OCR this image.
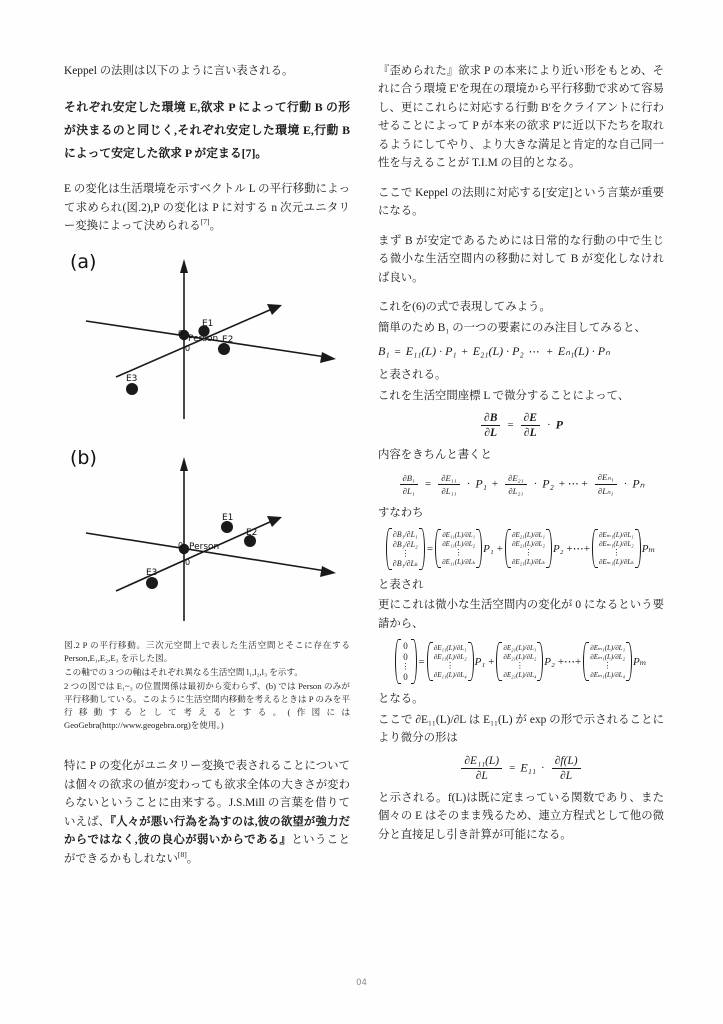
Keppel の法則は以下のように言い表される。

それぞれ安定した環境 E,欲求 P によって行動 B の形が決まるのと同じく,それぞれ安定した環境 E,行動 B によって安定した欲求 P が定まる[7]。

E の変化は生活環境を示すベクトル L の平行移動によって求められ(図.2),P の変化は P に対する n 次元ユニタリー変換によって決められる[7]。

(a)
0
Person
E1
E2
E3
0
(b)
0 Person
E1
E2
E3
0

図.2 P の平行移動。三次元空間上で表した生活空間とそこに存在する Person,E₁,E₂,E₃ を示した図。

この軸での 3 つの軸はそれぞれ異なる生活空間 l₁,l₂,l₃ を示す。

2 つの図では E₁~₃ の位置関係は最初から変わらず、(b) では Person のみが平行移動している。このように生活空間内移動を考えるときは P のみを平行移動するとして考えるとする。(作図には GeoGebra(http://www.geogebra.org)を使用。)

特に P の変化がユニタリー変換で表されることについては個々の欲求の値が変わっても欲求全体の大きさが変わらないということに由来する。J.S.Mill の言葉を借りていえば、『人々が悪い行為を為すのは,彼の欲望が強力だからではなく,彼の良心が弱いからである』ということができるかもしれない[8]。

『歪められた』欲求 P の本来により近い形をもとめ、それに合う環境 E'を現在の環境から平行移動で求めて容易し、更にこれらに対応する行動 B'をクライアントに行わせることによって P が本来の欲求 P'に近以下たちを取れるようにしてやり、より大きな満足と肯定的な自己同一性を与えることが T.I.M の目的となる。

ここで Keppel の法則に対応する[安定]という言葉が重要になる。

まず B が安定であるためには日常的な行動の中で生じる微小な生活空間内の移動に対して B が変化しなければ良い。

これを(6)の式で表現してみよう。

簡単のため B₁ の一つの要素にのみ注目してみると、

B₁ = E₁₁(L) · P₁ + E₂₁(L) · P₂ ⋯ + Eₙ₁(L) · Pₙ

と表される。

これを生活空間座標 L で微分することによって、

$\frac{\partial B}{\partial L} = \frac{\partial E}{\partial L} \cdot P$

内容をきちんと書くと

$\frac{\text{∂B₁}}{\text{∂L₁}} = \frac{\text{∂E₁₁}}{\text{∂L₁₁}} \cdot P_1 + \frac{\text{∂E₂₁}}{\text{∂L₂₁}} \cdot P_2$ + ⋯ + $\frac{\text{∂Eₙ₁}}{\text{∂Lₙ₁}} \cdot P_n$

すなわち

∂B₁/∂L₁
∂B₁/∂L₂
⋮
∂B₁/∂Lₖ
=
∂E₁₁(L)/∂L₁
∂E₁₁(L)/∂L₂
⋮
∂E₁₁(L)/∂Lₖ
P₁ +
∂E₂₁(L)/∂L₁
∂E₂₁(L)/∂L₂
⋮
∂E₂₁(L)/∂Lₖ
P₂ +⋯+
∂Eₘ₁(L)/∂L₁
∂Eₘ₁(L)/∂L₂
⋮
∂Eₘ₁(L)/∂Lₖ
Pₘ

と表され

更にこれは微小な生活空間内の変化が 0 になるという要請から、

0
0
⋮
0
=
∂E₁₁(L)/∂L₁
∂E₁₁(L)/∂L₂
⋮
∂E₁₁(L)/∂L₄
P₁ +
∂E₂₁(L)/∂L₁
∂E₂₁(L)/∂L₂
⋮
∂E₂₁(L)/∂L₄
P₂ +⋯+
∂Eₘ₁(L)/∂L₁
∂Eₘ₁(L)/∂L₂
⋮
∂Eₘ₁(L)/∂L₄
Pₘ

となる。

ここで ∂E₁₁(L)/∂L は E₁₁(L) が exp の形で示されることにより微分の形は

$\frac{\text{∂E₁₁(L)}}{\partial L} = E_{11} \cdot \frac{\partial f(L)}{\partial L}$

と示される。f(L)は既に定まっている関数であり、また個々の E はそのまま残るため、連立方程式として他の微分と直接足し引き計算が可能になる。

04
